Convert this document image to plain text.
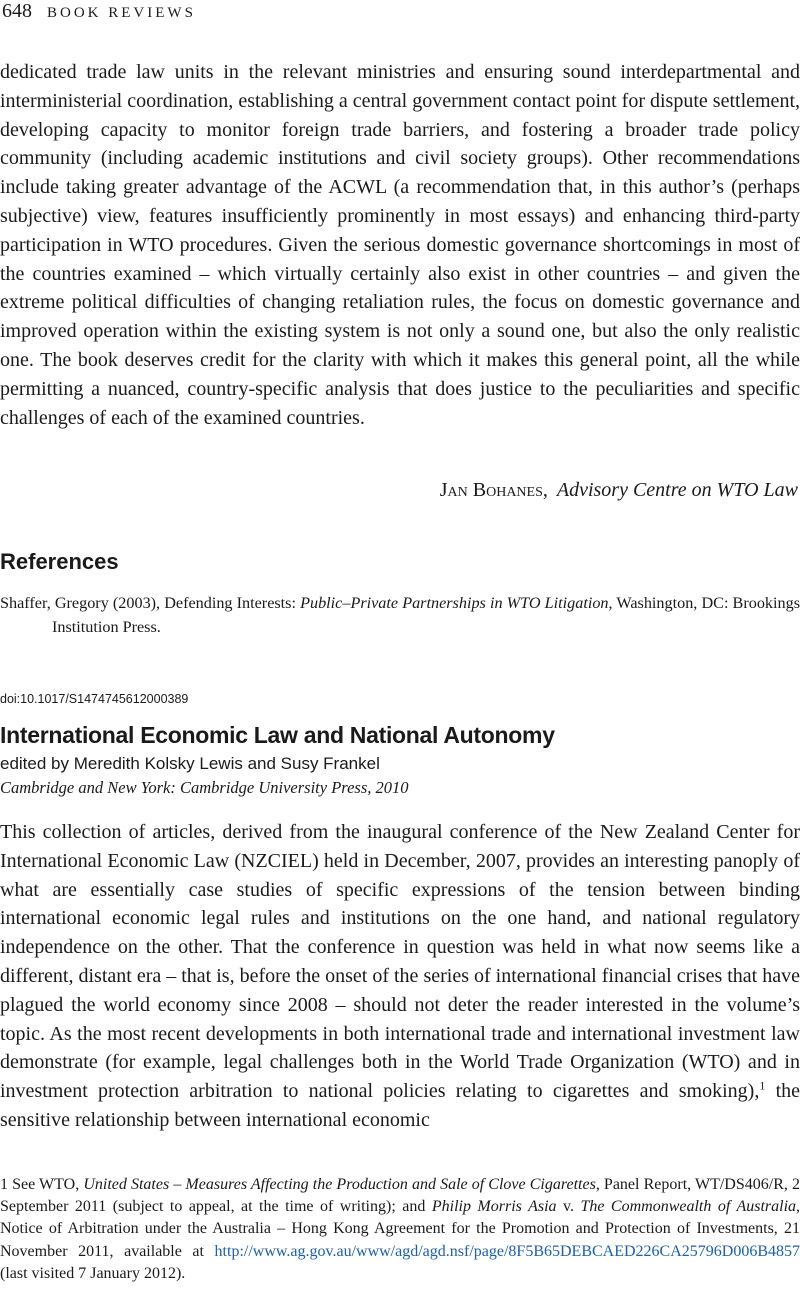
648 BOOK REVIEWS
dedicated trade law units in the relevant ministries and ensuring sound interdepartmental and interministerial coordination, establishing a central government contact point for dispute settlement, developing capacity to monitor foreign trade barriers, and fostering a broader trade policy community (including academic institutions and civil society groups). Other recommendations include taking greater advantage of the ACWL (a recommendation that, in this author’s (perhaps subjective) view, features insufficiently prominently in most essays) and enhancing third-party participation in WTO procedures. Given the serious domestic governance shortcomings in most of the countries examined – which virtually certainly also exist in other countries – and given the extreme political difficulties of changing retaliation rules, the focus on domestic governance and improved operation within the existing system is not only a sound one, but also the only realistic one. The book deserves credit for the clarity with which it makes this general point, all the while permitting a nuanced, country-specific analysis that does justice to the peculiarities and specific challenges of each of the examined countries.
Jan Bohanes, Advisory Centre on WTO Law
References
Shaffer, Gregory (2003), Defending Interests: Public–Private Partnerships in WTO Litigation, Washington, DC: Brookings Institution Press.
doi:10.1017/S1474745612000389
International Economic Law and National Autonomy
edited by Meredith Kolsky Lewis and Susy Frankel
Cambridge and New York: Cambridge University Press, 2010
This collection of articles, derived from the inaugural conference of the New Zealand Center for International Economic Law (NZCIEL) held in December, 2007, provides an interesting panoply of what are essentially case studies of specific expressions of the tension between binding international economic legal rules and institutions on the one hand, and national regulatory independence on the other. That the conference in question was held in what now seems like a different, distant era – that is, before the onset of the series of international financial crises that have plagued the world economy since 2008 – should not deter the reader interested in the volume’s topic. As the most recent developments in both international trade and international investment law demonstrate (for example, legal challenges both in the World Trade Organization (WTO) and in investment protection arbitration to national policies relating to cigarettes and smoking),$^1$ the sensitive relationship between international economic
1 See WTO, United States – Measures Affecting the Production and Sale of Clove Cigarettes, Panel Report, WT/DS406/R, 2 September 2011 (subject to appeal, at the time of writing); and Philip Morris Asia v. The Commonwealth of Australia, Notice of Arbitration under the Australia – Hong Kong Agreement for the Promotion and Protection of Investments, 21 November 2011, available at http://www.ag.gov.au/www/agd/agd.nsf/page/8F5B65DEBCAED226CA25796D006B4857 (last visited 7 January 2012).
